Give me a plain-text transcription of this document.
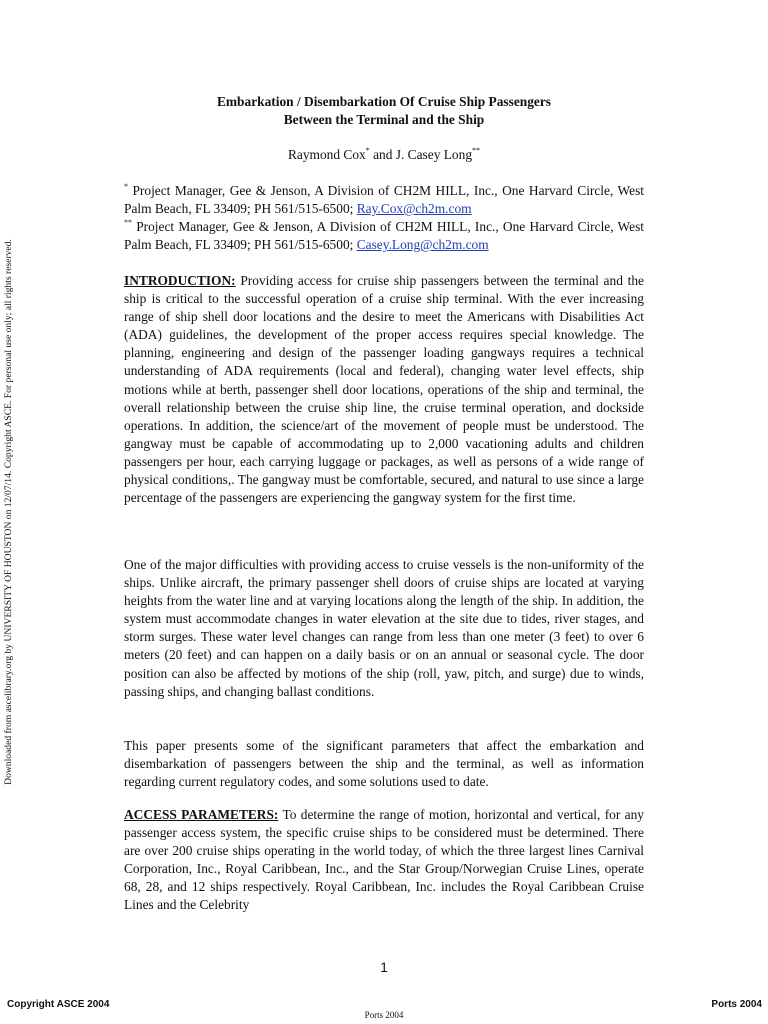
Downloaded from ascelibrary.org by UNIVERSITY OF HOUSTON on 12/07/14. Copyright ASCE. For personal use only; all rights reserved.
Embarkation / Disembarkation Of Cruise Ship Passengers
Between the Terminal and the Ship
Raymond Cox* and J. Casey Long**
* Project Manager, Gee & Jenson, A Division of CH2M HILL, Inc., One Harvard Circle, West Palm Beach, FL 33409; PH 561/515-6500; Ray.Cox@ch2m.com
** Project Manager, Gee & Jenson, A Division of CH2M HILL, Inc., One Harvard Circle, West Palm Beach, FL 33409; PH 561/515-6500; Casey.Long@ch2m.com
INTRODUCTION: Providing access for cruise ship passengers between the terminal and the ship is critical to the successful operation of a cruise ship terminal. With the ever increasing range of ship shell door locations and the desire to meet the Americans with Disabilities Act (ADA) guidelines, the development of the proper access requires special knowledge. The planning, engineering and design of the passenger loading gangways requires a technical understanding of ADA requirements (local and federal), changing water level effects, ship motions while at berth, passenger shell door locations, operations of the ship and terminal, the overall relationship between the cruise ship line, the cruise terminal operation, and dockside operations. In addition, the science/art of the movement of people must be understood. The gangway must be capable of accommodating up to 2,000 vacationing adults and children passengers per hour, each carrying luggage or packages, as well as persons of a wide range of physical conditions,. The gangway must be comfortable, secured, and natural to use since a large percentage of the passengers are experiencing the gangway system for the first time.
One of the major difficulties with providing access to cruise vessels is the non-uniformity of the ships. Unlike aircraft, the primary passenger shell doors of cruise ships are located at varying heights from the water line and at varying locations along the length of the ship. In addition, the system must accommodate changes in water elevation at the site due to tides, river stages, and storm surges. These water level changes can range from less than one meter (3 feet) to over 6 meters (20 feet) and can happen on a daily basis or on an annual or seasonal cycle. The door position can also be affected by motions of the ship (roll, yaw, pitch, and surge) due to winds, passing ships, and changing ballast conditions.
This paper presents some of the significant parameters that affect the embarkation and disembarkation of passengers between the ship and the terminal, as well as information regarding current regulatory codes, and some solutions used to date.
ACCESS PARAMETERS: To determine the range of motion, horizontal and vertical, for any passenger access system, the specific cruise ships to be considered must be determined. There are over 200 cruise ships operating in the world today, of which the three largest lines Carnival Corporation, Inc., Royal Caribbean, Inc., and the Star Group/Norwegian Cruise Lines, operate 68, 28, and 12 ships respectively. Royal Caribbean, Inc. includes the Royal Caribbean Cruise Lines and the Celebrity
1
Copyright ASCE 2004	Ports 2004
Ports 2004
